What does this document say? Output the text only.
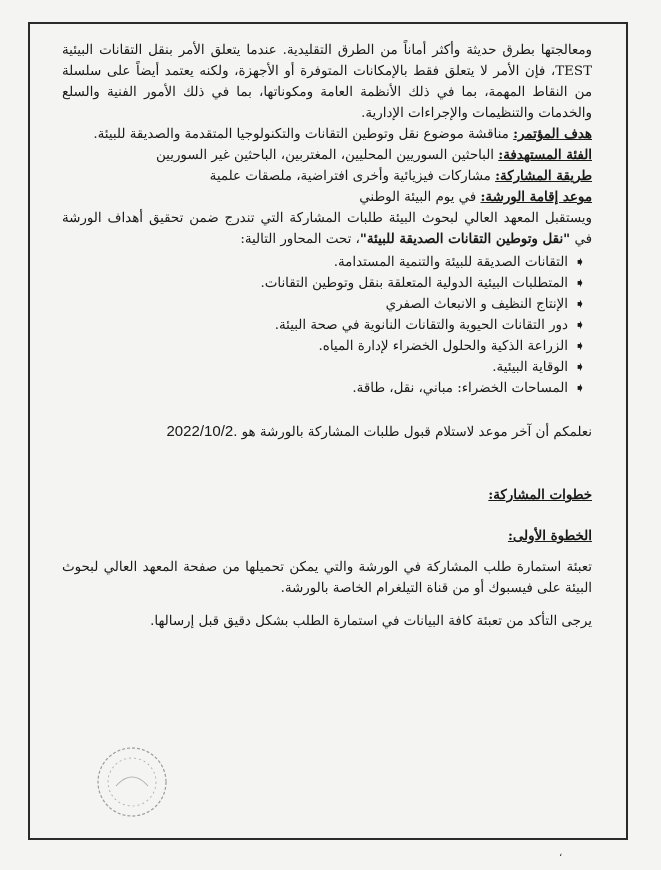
ومعالجتها بطرق حديثة وأكثر أماناً من الطرق التقليدية. عندما يتعلق الأمر بنقل التقانات البيئية TEST، فإن الأمر لا يتعلق فقط بالإمكانات المتوفرة أو الأجهزة، ولكنه يعتمد أيضاً على سلسلة من النقاط المهمة، بما في ذلك الأنظمة العامة ومكوناتها، بما في ذلك الأمور الفنية والسلع والخدمات والتنظيمات والإجراءات الإدارية.

هدف المؤتمر: مناقشة موضوع نقل وتوطين التقانات والتكنولوجيا المتقدمة والصديقة للبيئة.

الفئة المستهدفة: الباحثين السوريين المحليين، المغتربين، الباحثين غير السوريين

طريقة المشاركة: مشاركات فيزيائية وأخرى افتراضية، ملصقات علمية

موعد إقامة الورشة: في يوم البيئة الوطني

ويستقبل المعهد العالي لبحوث البيئة طلبات المشاركة التي تندرج ضمن تحقيق أهداف الورشة في "نقل وتوطين التقانات الصديقة للبيئة"، تحت المحاور التالية:

➧
التقانات الصديقة للبيئة والتنمية المستدامة.
➧
المتطلبات البيئية الدولية المتعلقة بنقل وتوطين التقانات.
➧
الإنتاج النظيف و الانبعاث الصفري
➧
دور التقانات الحيوية والتقانات النانوية في صحة البيئة.
➧
الزراعة الذكية والحلول الخضراء لإدارة المياه.
➧
الوقاية البيئية.
➧
المساحات الخضراء: مباني، نقل، طاقة.

نعلمكم أن آخر موعد لاستلام قبول طلبات المشاركة بالورشة هو 2022/10/2.

خطوات المشاركة:

الخطوة الأولى:

تعبئة استمارة طلب المشاركة في الورشة والتي يمكن تحميلها من صفحة المعهد العالي لبحوث البيئة على فيسبوك أو من قناة التيلغرام الخاصة بالورشة.

يرجى التأكد من تعبئة كافة البيانات في استمارة الطلب بشكل دقيق قبل إرسالها.

،
